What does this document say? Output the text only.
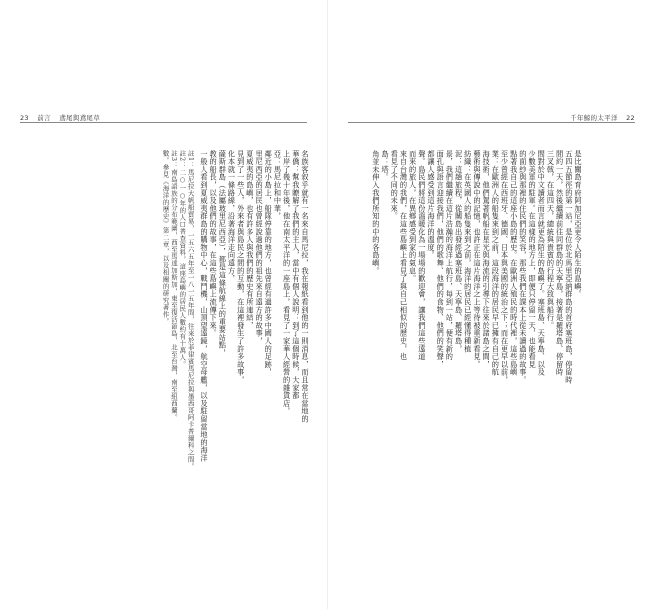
23 前言 鳶尾與鳶尾草
名族客叙乎就有一名來自馬尼拉，我在報紙看到他的一則消息，而且常在當地的
華僑：幫我瞭解了我們的主人，當中有個人說明：到了這個時候，大家都
上岸了幾十年後，他在南太平洋的一座島上，看見了一家華人經營的雜貨店，
亞：馬尼拉和中華，
鄰近的小島上，船隊停靠的地方，也曾經有過許多中國人的足跡，
里尼西亞的居民也曾經說過他們的祖先來自遠方的故事，
夏威夷的島嶼，也有許多人與我們的歷史有所連結，
見到了一些人，外來者與島民之間的互動，在這裡發生了許多故事，
化本就一條路線，沿著海洋走向遠方，
薩斯群島（法屬玻里尼西亞），都是這條航線上的重要站點，
教的船長，以及他們的故事，在這些島嶼上流傳下來。
一般人看到夏威夷群島的購物中心，戰鬥機，山頂望遠鏡，航空母艦，以及駐留當地的海洋
註1：馬尼拉大帆船貿易，一五六五年至一八一五年間，往來於菲律賓馬尼拉與墨西哥阿卡普爾科之間。
註2：二○一○年的人口普查資料，這座島嶼的居民人數約有十萬人。
註3：南島語族的分布範圍，西至馬達加斯加，東至復活節島，北至台灣，南至紐西蘭。
數。參見《海洋的歷史》第二章，以及相關的研究著作。
千年鯨的太平洋 22
是比關島育府阿加尼亞更令人陌生的島嶼。
五四五節徑的第一站，是位於北馬里亞納群島的首府塞班島，停留時
間約一天，然後繼續前往同群島的天寧島，接著是羅塔島、停留時
三叉戟，在這四天，總統與貴賓的行程大致與船行。
間對於中文讀者而言就更為陌生的島嶼了。塞班島、天寧島、以及
少數美軍的駐軍。在這樣的地方上，即便只停留一天，也能看見
的面紗與那裡的住民們的笑容，那些我們在課本上從未讀過的故事。
點著我自己的這座小島的歷史。在歐洲人殖民的時代裡，這些島嶼
至少曾經在西班牙、德國、日本與美國的統治之下；而在更早以前，
業：在歐洲人的船隻來到之前，這段海洋的居民早已擁有自己的航
海技術，他們駕著帆船在星光與海流的引導下往來於諸島之間，
藝術與傳說中的記憶，也許正在這片海洋之上等待被重新看見。
紡織：在英國人的船隻來到之前，海洋的居民已經懂得種植
泥：這趟旅程，從關島出發經過塞班島、天寧島、羅塔島，
景，我們繼續在這片浩瀚的海洋上航行，每到一站，便有新的
面孔與語言迎接我們，他們的歌舞、他們的食物、他們的笑聲，
都讓人感受到這片海洋的溫度。
聲。島民們將這份溫暖化為一場場的歡迎會，讓我們這些遠道
而來的旅人，在異鄉感受到家的氣息。
來自台灣的我們，在這些島嶼上看見了與自己相似的歷史，也
看見了不同的未來。
島：塔。
角並未伸入我們所知的中的各島嶼。
